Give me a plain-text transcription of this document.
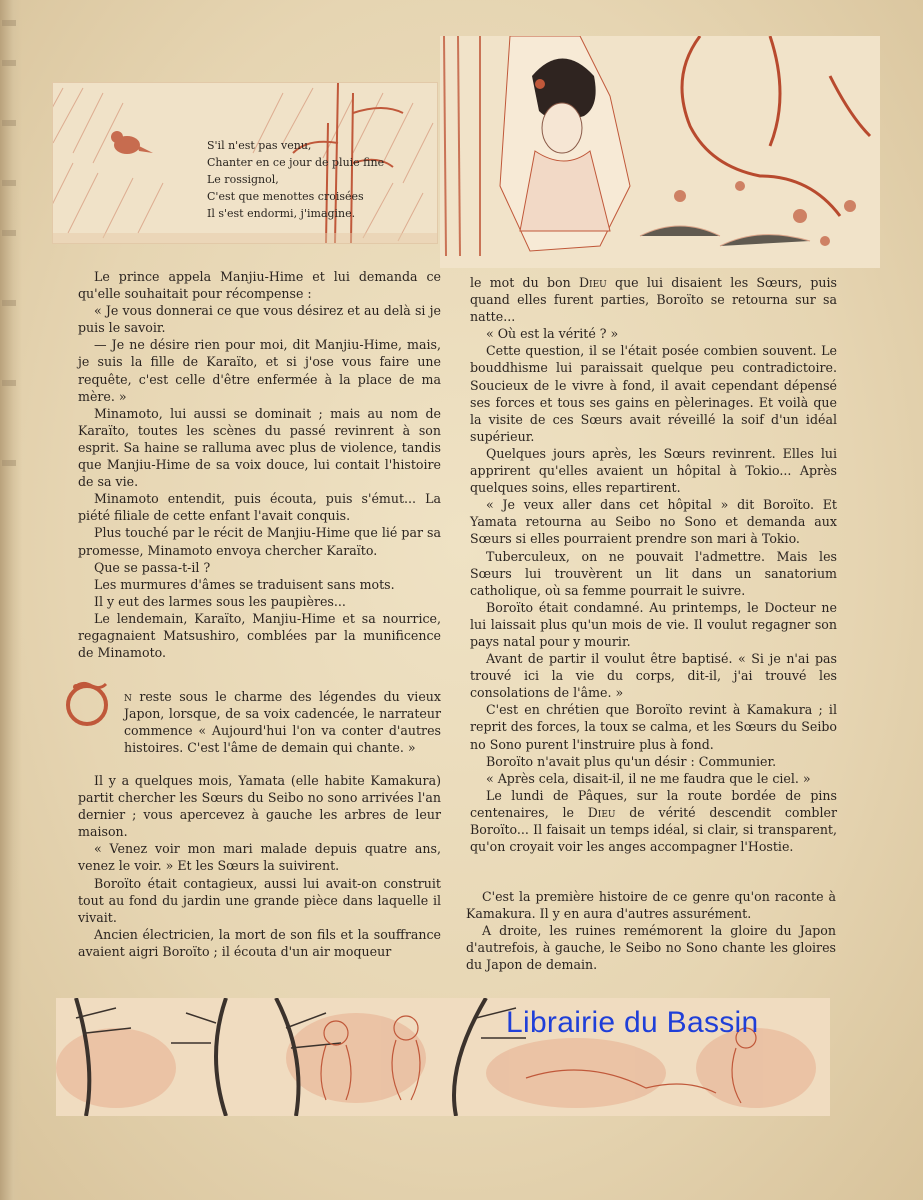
S'il n'est pas venu,
Chanter en ce jour de pluie fine
Le rossignol,
C'est que menottes croisées
Il s'est endormi, j'imagine.

Le prince appela Manjiu-Hime et lui demanda ce qu'elle souhaitait pour récompense :

« Je vous donnerai ce que vous désirez et au delà si je puis le savoir.

— Je ne désire rien pour moi, dit Manjiu-Hime, mais, je suis la fille de Karaïto, et si j'ose vous faire une requête, c'est celle d'être enfermée à la place de ma mère. »

Minamoto, lui aussi se dominait ; mais au nom de Karaïto, toutes les scènes du passé revinrent à son esprit. Sa haine se ralluma avec plus de violence, tandis que Manjiu-Hime de sa voix douce, lui contait l'histoire de sa vie.

Minamoto entendit, puis écouta, puis s'émut... La piété filiale de cette enfant l'avait conquis.

Plus touché par le récit de Manjiu-Hime que lié par sa promesse, Minamoto envoya chercher Karaïto.

Que se passa-t-il ?

Les murmures d'âmes se traduisent sans mots.

Il y eut des larmes sous les paupières...

Le lendemain, Karaïto, Manjiu-Hime et sa nourrice, regagnaient Matsushiro, comblées par la munificence de Minamoto.

n reste sous le charme des légendes du vieux Japon, lorsque, de sa voix cadencée, le narrateur commence « Aujourd'hui l'on va conter d'autres histoires. C'est l'âme de demain qui chante. »

Il y a quelques mois, Yamata (elle habite Kamakura) partit chercher les Sœurs du Seibo no sono arrivées l'an dernier ; vous apercevez à gauche les arbres de leur maison.

« Venez voir mon mari malade depuis quatre ans, venez le voir. » Et les Sœurs la suivirent.

Boroïto était contagieux, aussi lui avait-on construit tout au fond du jardin une grande pièce dans laquelle il vivait.

Ancien électricien, la mort de son fils et la souffrance avaient aigri Boroïto ; il écouta d'un air moqueur

le mot du bon Dieu que lui disaient les Sœurs, puis quand elles furent parties, Boroïto se retourna sur sa natte...

« Où est la vérité ? »

Cette question, il se l'était posée combien souvent. Le bouddhisme lui paraissait quelque peu contradictoire. Soucieux de le vivre à fond, il avait cependant dépensé ses forces et tous ses gains en pèlerinages. Et voilà que la visite de ces Sœurs avait réveillé la soif d'un idéal supérieur.

Quelques jours après, les Sœurs revinrent. Elles lui apprirent qu'elles avaient un hôpital à Tokio... Après quelques soins, elles repartirent.

« Je veux aller dans cet hôpital » dit Boroïto. Et Yamata retourna au Seibo no Sono et demanda aux Sœurs si elles pourraient prendre son mari à Tokio.

Tuberculeux, on ne pouvait l'admettre. Mais les Sœurs lui trouvèrent un lit dans un sanatorium catholique, où sa femme pourrait le suivre.

Boroïto était condamné. Au printemps, le Docteur ne lui laissait plus qu'un mois de vie. Il voulut regagner son pays natal pour y mourir.

Avant de partir il voulut être baptisé. « Si je n'ai pas trouvé ici la vie du corps, dit-il, j'ai trouvé les consolations de l'âme. »

C'est en chrétien que Boroïto revint à Kamakura ; il reprit des forces, la toux se calma, et les Sœurs du Seibo no Sono purent l'instruire plus à fond.

Boroïto n'avait plus qu'un désir : Communier.

« Après cela, disait-il, il ne me faudra que le ciel. »

Le lundi de Pâques, sur la route bordée de pins centenaires, le Dieu de vérité descendit combler Boroïto... Il faisait un temps idéal, si clair, si transparent, qu'on croyait voir les anges accompagner l'Hostie.

C'est la première histoire de ce genre qu'on raconte à Kamakura. Il y en aura d'autres assurément.

A droite, les ruines remémorent la gloire du Japon d'autrefois, à gauche, le Seibo no Sono chante les gloires du Japon de demain.

Librairie du Bassin
